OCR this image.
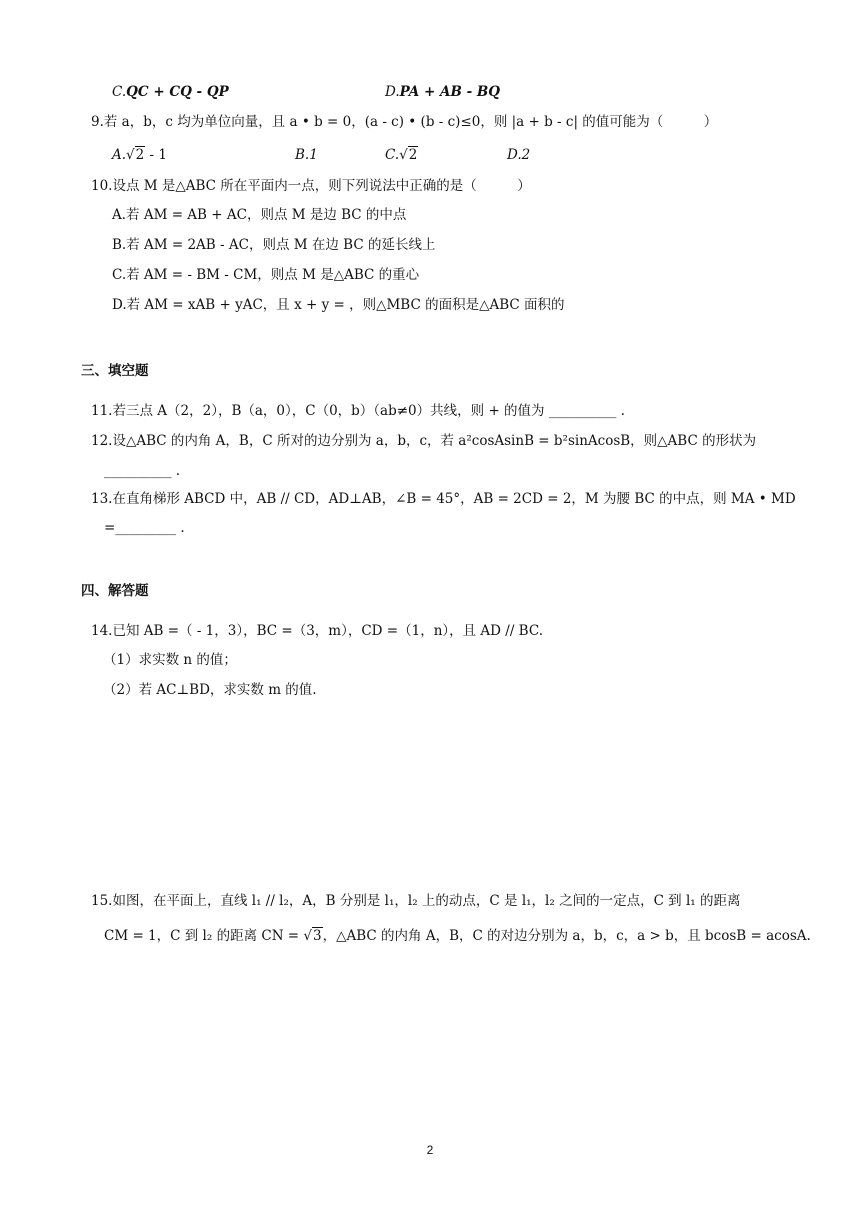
C.QC + CQ - QP	D.PA + AB - BQ
9.若 a，b，c 均为单位向量，且 a • b = 0，(a - c) • (b - c)≤0，则 |a + b - c| 的值可能为（　　　）
A.√2 - 1	B.1	C.√2	D.2
10.设点 M 是△ABC 所在平面内一点，则下列说法中正确的是（　　　）
A.若 AM = AB + AC，则点 M 是边 BC 的中点
B.若 AM = 2AB - AC，则点 M 在边 BC 的延长线上
C.若 AM = - BM - CM，则点 M 是△ABC 的重心
D.若 AM = xAB + yAC，且 x + y = ，则△MBC 的面积是△ABC 面积的
三、填空题
11.若三点 A（2，2），B（a，0），C（0，b）（ab≠0）共线，则 + 的值为 __________ .
12.设△ABC 的内角 A，B，C 所对的边分别为 a，b，c，若 a²cosAsinB = b²sinAcosB，则△ABC 的形状为
__________ .
13.在直角梯形 ABCD 中，AB // CD，AD⊥AB，∠B = 45°，AB = 2CD = 2，M 为腰 BC 的中点，则 MA • MD
=_________ .
四、解答题
14.已知 AB =（ - 1，3），BC =（3，m），CD =（1，n），且 AD // BC.
（1）求实数 n 的值；
（2）若 AC⊥BD，求实数 m 的值.
15.如图，在平面上，直线 l₁ // l₂，A，B 分别是 l₁，l₂ 上的动点，C 是 l₁，l₂ 之间的一定点，C 到 l₁ 的距离
CM = 1，C 到 l₂ 的距离 CN = √3，△ABC 的内角 A，B，C 的对边分别为 a，b，c，a > b，且 bcosB = acosA.
2
